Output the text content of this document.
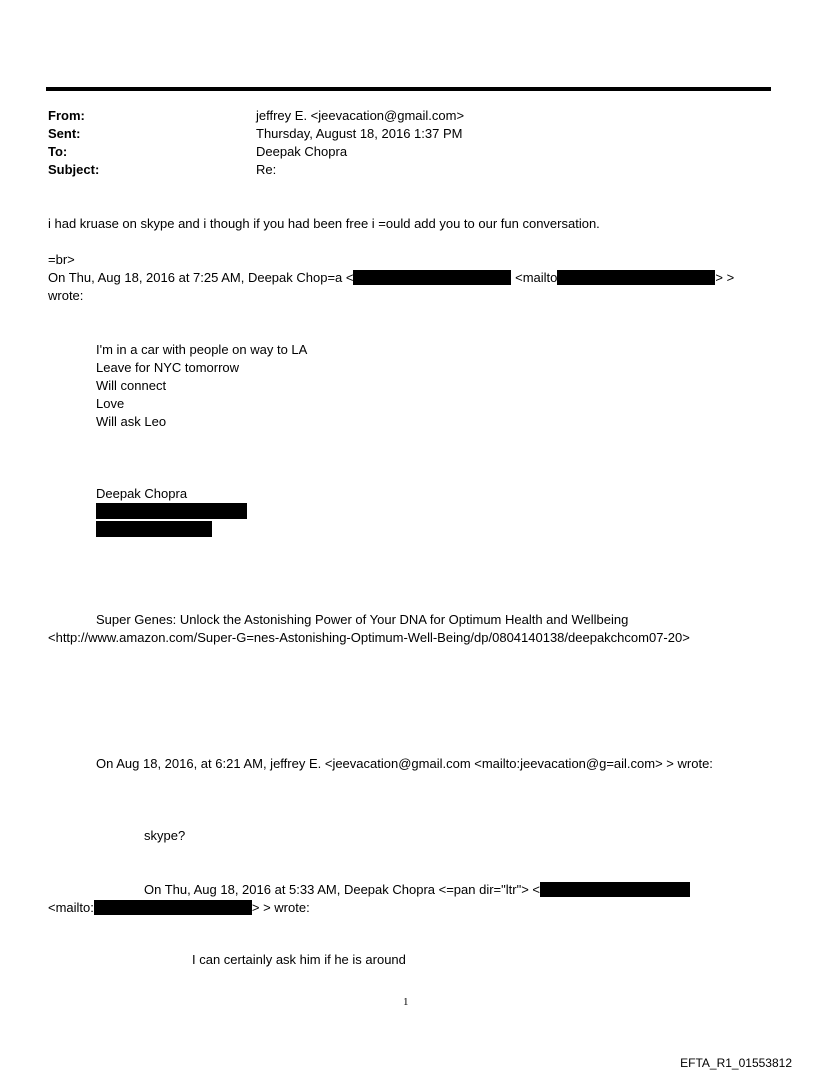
From:	jeffrey E. <jeevacation@gmail.com>
Sent:	Thursday, August 18, 2016 1:37 PM
To:	Deepak Chopra
Subject:	Re:
i had kruase on skype and i though if you had been free i =ould add you to our fun conversation.
=br>
On Thu, Aug 18, 2016 at 7:25 AM, Deepak Chop=a <	<mailto	> >
wrote:
I'm in a car with people on way to LA
Leave for NYC tomorrow
Will connect
Love
Will ask Leo
Deepak Chopra
Super Genes: Unlock the Astonishing Power of Your DNA for Optimum Health and Wellbeing
<http://www.amazon.com/Super-G=nes-Astonishing-Optimum-Well-Being/dp/0804140138/deepakchcom07-20>
On Aug 18, 2016, at 6:21 AM, jeffrey E. <jeevacation@gmail.com <mailto:jeevacation@g=ail.com> > wrote:
skype?
On Thu, Aug 18, 2016 at 5:33 AM, Deepak Chopra <=pan dir="ltr"> <
<mailto:	> > wrote:
I can certainly ask him if he is around
1
EFTA_R1_01553812
